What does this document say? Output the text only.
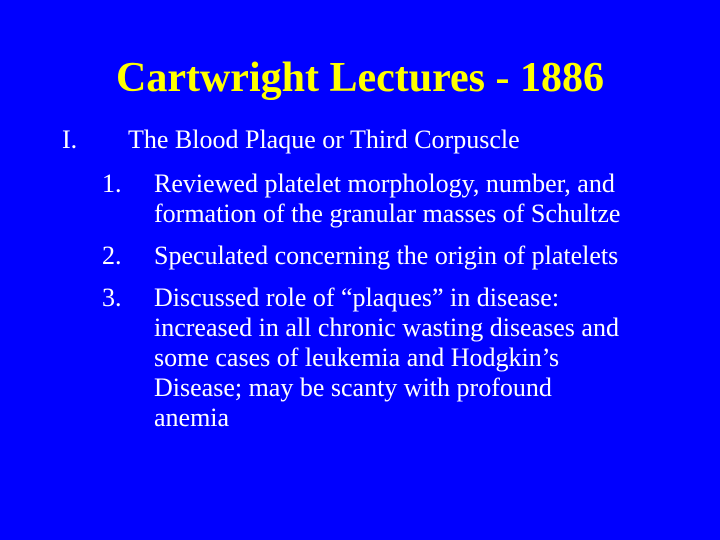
Cartwright Lectures - 1886
I. The Blood Plaque or Third Corpuscle
1. Reviewed platelet morphology, number, and
formation of the granular masses of Schultze
2. Speculated concerning the origin of platelets
3. Discussed role of “plaques” in disease:
increased in all chronic wasting diseases and
some cases of leukemia and Hodgkin’s
Disease; may be scanty with profound
anemia
